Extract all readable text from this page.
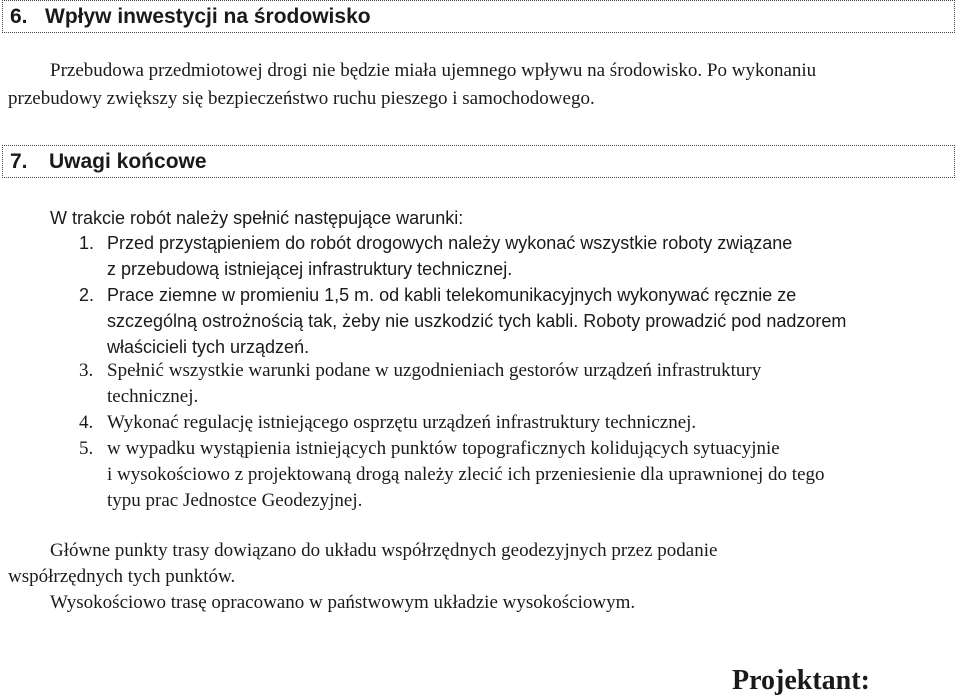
6. Wpływ inwestycji na środowisko
Przebudowa przedmiotowej drogi nie będzie miała ujemnego wpływu na środowisko. Po wykonaniu
przebudowy zwiększy się bezpieczeństwo ruchu pieszego i samochodowego.
7. Uwagi końcowe
W trakcie robót należy spełnić następujące warunki:
1. Przed przystąpieniem do robót drogowych należy wykonać wszystkie roboty związane
z przebudową istniejącej infrastruktury technicznej.
2. Prace ziemne w promieniu 1,5 m. od kabli telekomunikacyjnych wykonywać ręcznie ze
szczególną ostrożnością tak, żeby nie uszkodzić tych kabli. Roboty prowadzić pod nadzorem
właścicieli tych urządzeń.
3. Spełnić wszystkie warunki podane w uzgodnieniach gestorów urządzeń infrastruktury
technicznej.
4. Wykonać regulację istniejącego osprzętu urządzeń infrastruktury technicznej.
5. w wypadku wystąpienia istniejących punktów topograficznych kolidujących sytuacyjnie
i wysokościowo z projektowaną drogą należy zlecić ich przeniesienie dla uprawnionej do tego
typu prac Jednostce Geodezyjnej.
Główne punkty trasy dowiązano do układu współrzędnych geodezyjnych przez podanie
współrzędnych tych punktów.
Wysokościowo trasę opracowano w państwowym układzie wysokościowym.
Projektant:
